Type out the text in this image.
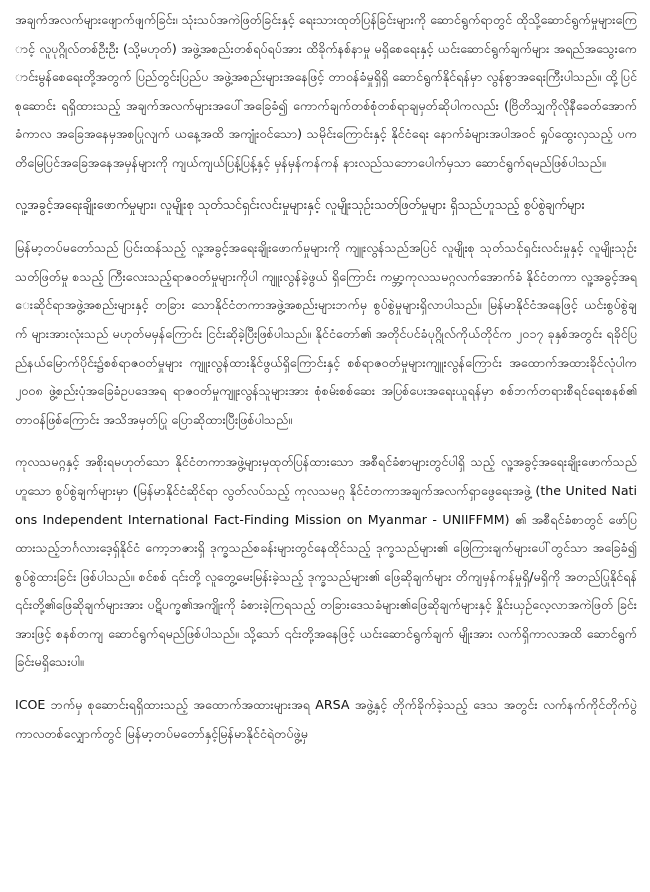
အချက်အလက်များဖျောက်ဖျက်ခြင်း၊ သုံးသပ်အကဲဖြတ်ခြင်းနှင့် ရေးသားထုတ်ပြန်ခြင်းများကို ဆောင်ရွက်ရာတွင် ထိုသို့ဆောင်ရွက်မှုများကြောင့် လူပုဂ္ဂိုလ်တစ်ဦးဦး (သို့မဟုတ်) အဖွဲ့အစည်းတစ်ရပ်ရပ်အား ထိခိုက်နစ်နာမှု မရှိစေရေးနှင့် ယင်းဆောင်ရွက်ချက်များ အရည်အသွေးကောင်းမွန်စေရေးတို့အတွက် ပြည်တွင်းပြည်ပ အဖွဲ့အစည်းများအနေဖြင့် တာဝန်ခံမှုရှိရှိ ဆောင်ရွက်နိုင်ရန်မှာ လွန်စွာအရေးကြီးပါသည်။ ထို့ပြင် စုဆောင်း ရရှိထားသည့် အချက်အလက်များအပေါ်အခြေခံ၍ ကောက်ချက်တစ်စုံတစ်ရာချမှတ်ဆိုပါကလည်း (ဗြိတိသျှကိုလိုနီခေတ်အောက်ခံကာလ အခြေအနေမှအစပြုလျက် ယနေ့အထိ အကျုံးဝင်သော) သမိုင်းကြောင်းနှင့် နိုင်ငံရေး နောက်ခံများအပါအဝင် ရှုပ်ထွေးလှသည့် ပကတိမြေပြင်အခြေအနေအမှန်များကို ကျယ်ကျယ်ပြန့်ပြန့်နှင့် မှန်မှန်ကန်ကန် နားလည်သဘောပေါက်မှသာ ဆောင်ရွက်ရမည်ဖြစ်ပါသည်။

လူ့အခွင့်အရေးချိုးဖောက်မှုများ၊ လူမျိုးစု သုတ်သင်ရှင်းလင်းမှုများနှင့် လူမျိုးသုဉ်းသတ်ဖြတ်မှုများ ရှိသည်ဟူသည့် စွပ်စွဲချက်များ

မြန်မာ့တပ်မတော်သည် ပြင်းထန်သည့် လူ့အခွင့်အရေးချိုးဖောက်မှုများကို ကျူးလွန်သည်အပြင် လူမျိုးစု သုတ်သင်ရှင်းလင်းမှုနှင့် လူမျိုးသုဉ်းသတ်ဖြတ်မှု စသည့် ကြီးလေးသည့်ရာဇဝတ်မှုများကိုပါ ကျူးလွန်ခဲ့ဖွယ် ရှိကြောင်း ကမ္ဘာ့ကုလသမဂ္ဂလက်အောက်ခံ နိုင်ငံတကာ လူ့အခွင့်အရေးဆိုင်ရာအဖွဲ့အစည်းများနှင့် တခြား သောနိုင်ငံတကာအဖွဲ့အစည်းများဘက်မှ စွပ်စွဲမှုများရှိလာပါသည်။ မြန်မာနိုင်ငံအနေဖြင့် ယင်းစွပ်စွဲချက် များအားလုံးသည် မဟုတ်မမှန်ကြောင်း ငြင်းဆိုခဲ့ပြီးဖြစ်ပါသည်။ နိုင်ငံတော်၏ အတိုင်ပင်ခံပုဂ္ဂိုလ်ကိုယ်တိုင်က ၂၀၁၇ ခုနှစ်အတွင်း ရခိုင်ပြည်နယ်မြောက်ပိုင်း၌စစ်ရာဇဝတ်မှုများ ကျူးလွန်ထားနိုင်ဖွယ်ရှိကြောင်းနှင့် စစ်ရာဇဝတ်မှုများကျူးလွန်ကြောင်း အထောက်အထားခိုင်လုံပါက ၂၀၀၈ ဖွဲ့စည်းပုံအခြေခံဥပဒေအရ ရာဇဝတ်မှုကျူးလွန်သူများအား စုံစမ်းစစ်ဆေး အပြစ်ပေးအရေးယူရန်မှာ စစ်ဘက်တရားစီရင်ရေးစနစ်၏ တာဝန်ဖြစ်ကြောင်း အသိအမှတ်ပြု ပြောဆိုထားပြီးဖြစ်ပါသည်။

ကုလသမဂ္ဂနှင့် အစိုးရမဟုတ်သော နိုင်ငံတကာအဖွဲ့များမှထုတ်ပြန်ထားသော အစီရင်ခံစာများတွင်ပါရှိ သည့် လူ့အခွင့်အရေးချိုးဖောက်သည်ဟူသော စွပ်စွဲချက်များမှာ (မြန်မာနိုင်ငံဆိုင်ရာ လွတ်လပ်သည့် ကုလသမဂ္ဂ နိုင်ငံတကာအချက်အလက်ရှာဖွေရေးအဖွဲ့ (the United Nations Independent International Fact-Finding Mission on Myanmar - UNIIFFMM) ၏ အစီရင်ခံစာတွင် ဖော်ပြ ထားသည့်ဘင်္ဂလားဒေ့ရှ်နိုင်ငံ ကော့ဘဇားရှိ ဒုက္ခသည်စခန်းများတွင်နေထိုင်သည့် ဒုက္ခသည်များ၏ ဖြေကြားချက်များပေါ်တွင်သာ အခြေခံ၍ စွပ်စွဲထားခြင်း ဖြစ်ပါသည်။ စင်စစ် ၎င်းတို့ လူတွေ့မေးမြန်းခဲ့သည့် ဒုက္ခသည်များ၏ ဖြေဆိုချက်များ တိကျမှန်ကန်မှုရှိ/မရှိကို အတည်ပြုနိုင်ရန် ၎င်းတို့၏ဖြေဆိုချက်များအား ပဋိပက္ခ၏အကျိုးကို ခံစားခဲ့ကြရသည့် တခြားဒေသခံများ၏ဖြေဆိုချက်များနှင့် နှိုင်းယှဉ်လေ့လာအကဲဖြတ် ခြင်းအားဖြင့် စနစ်တကျ ဆောင်ရွက်ရမည်ဖြစ်ပါသည်။ သို့သော် ၎င်းတို့အနေဖြင့် ယင်းဆောင်ရွက်ချက် မျိုးအား လက်ရှိကာလအထိ ဆောင်ရွက်ခြင်းမရှိသေးပါ။

ICOE ဘက်မှ စုဆောင်းရရှိထားသည့် အထောက်အထားများအရ ARSA အဖွဲ့နှင့် တိုက်ခိုက်ခဲ့သည့် ဒေသ အတွင်း လက်နက်ကိုင်တိုက်ပွဲကာလတစ်လျှောက်တွင် မြန်မာ့တပ်မတော်နှင့်မြန်မာနိုင်ငံရဲတပ်ဖွဲ့မှ
